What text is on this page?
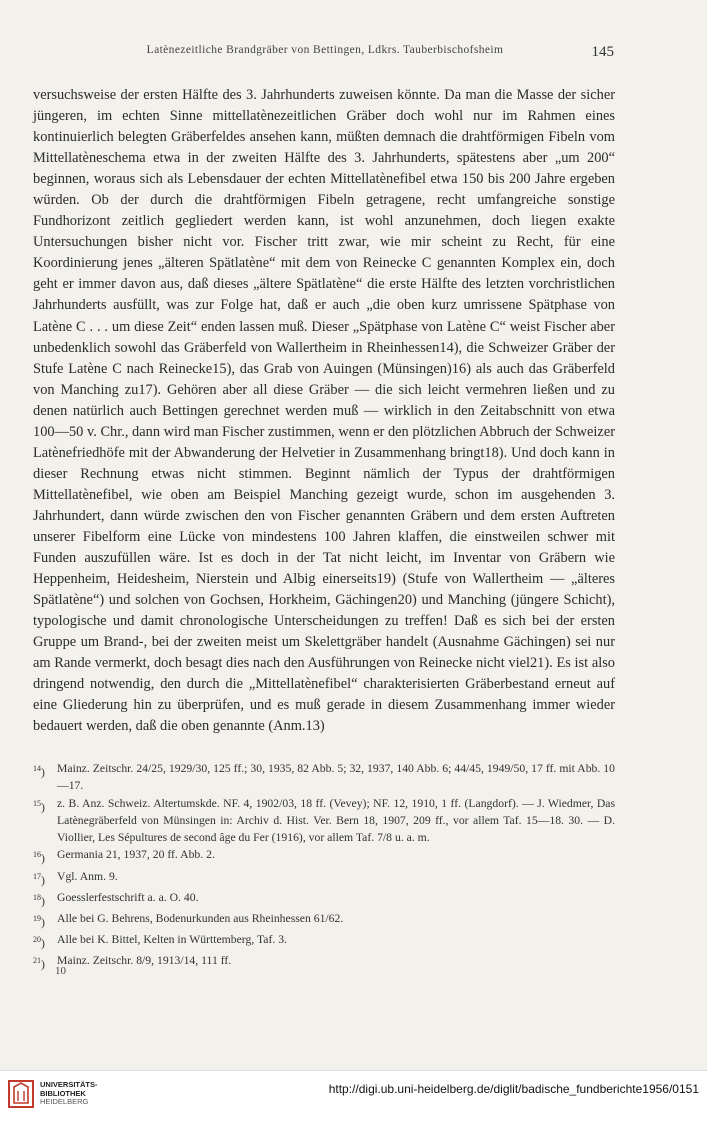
Latènezeitliche Brandgräber von Bettingen, Ldkrs. Tauberbischofsheim	145

versuchsweise der ersten Hälfte des 3. Jahrhunderts zuweisen könnte. Da man die Masse der sicher jüngeren, im echten Sinne mittellatènezeitlichen Gräber doch wohl nur im Rahmen eines kontinuierlich belegten Gräberfeldes ansehen kann, müßten demnach die drahtförmigen Fibeln vom Mittellatèneschema etwa in der zweiten Hälfte des 3. Jahrhunderts, spätestens aber „um 200“ beginnen, woraus sich als Lebensdauer der echten Mittellatènefibel etwa 150 bis 200 Jahre ergeben würden. Ob der durch die drahtförmigen Fibeln getragene, recht umfangreiche sonstige Fundhorizont zeitlich gegliedert werden kann, ist wohl anzunehmen, doch liegen exakte Untersuchungen bisher nicht vor. Fischer tritt zwar, wie mir scheint zu Recht, für eine Koordinierung jenes „älteren Spätlatène“ mit dem von Reinecke C genannten Komplex ein, doch geht er immer davon aus, daß dieses „ältere Spätlatène“ die erste Hälfte des letzten vorchristlichen Jahrhunderts ausfüllt, was zur Folge hat, daß er auch „die oben kurz umrissene Spätphase von Latène C . . . um diese Zeit“ enden lassen muß. Dieser „Spätphase von Latène C“ weist Fischer aber unbedenklich sowohl das Gräberfeld von Wallertheim in Rheinhessen14), die Schweizer Gräber der Stufe Latène C nach Reinecke15), das Grab von Auingen (Münsingen)16) als auch das Gräberfeld von Manching zu17). Gehören aber all diese Gräber — die sich leicht vermehren ließen und zu denen natürlich auch Bettingen gerechnet werden muß — wirklich in den Zeitabschnitt von etwa 100—50 v. Chr., dann wird man Fischer zustimmen, wenn er den plötzlichen Abbruch der Schweizer Latènefriedhöfe mit der Abwanderung der Helvetier in Zusammenhang bringt18). Und doch kann in dieser Rechnung etwas nicht stimmen. Beginnt nämlich der Typus der drahtförmigen Mittellatènefibel, wie oben am Beispiel Manching gezeigt wurde, schon im ausgehenden 3. Jahrhundert, dann würde zwischen den von Fischer genannten Gräbern und dem ersten Auftreten unserer Fibelform eine Lücke von mindestens 100 Jahren klaffen, die einstweilen schwer mit Funden auszufüllen wäre. Ist es doch in der Tat nicht leicht, im Inventar von Gräbern wie Heppenheim, Heidesheim, Nierstein und Albig einerseits19) (Stufe von Wallertheim — „älteres Spätlatène“) und solchen von Gochsen, Horkheim, Gächingen20) und Manching (jüngere Schicht), typologische und damit chronologische Unterscheidungen zu treffen! Daß es sich bei der ersten Gruppe um Brand-, bei der zweiten meist um Skelettgräber handelt (Ausnahme Gächingen) sei nur am Rande vermerkt, doch besagt dies nach den Ausführungen von Reinecke nicht viel21). Es ist also dringend notwendig, den durch die „Mittellatènefibel“ charakterisierten Gräberbestand erneut auf eine Gliederung hin zu überprüfen, und es muß gerade in diesem Zusammenhang immer wieder bedauert werden, daß die oben genannte (Anm.13)

$^{14}$)	Mainz. Zeitschr. 24/25, 1929/30, 125 ff.; 30, 1935, 82 Abb. 5; 32, 1937, 140 Abb. 6; 44/45, 1949/50, 17 ff. mit Abb. 10—17.
$^{15}$)	z. B. Anz. Schweiz. Altertumskde. NF. 4, 1902/03, 18 ff. (Vevey); NF. 12, 1910, 1 ff. (Langdorf). — J. Wiedmer, Das Latènegräberfeld von Münsingen in: Archiv d. Hist. Ver. Bern 18, 1907, 209 ff., vor allem Taf. 15—18. 30. — D. Viollier, Les Sépultures de second âge du Fer (1916), vor allem Taf. 7/8 u. a. m.
$^{16}$)	Germania 21, 1937, 20 ff. Abb. 2.
$^{17}$)	Vgl. Anm. 9.
$^{18}$)	Goesslerfestschrift a. a. O. 40.
$^{19}$)	Alle bei G. Behrens, Bodenurkunden aus Rheinhessen 61/62.
$^{20}$)	Alle bei K. Bittel, Kelten in Württemberg, Taf. 3.
$^{21}$)	Mainz. Zeitschr. 8/9, 1913/14, 111 ff.
10
UNIVERSITÄTS-
BIBLIOTHEK
HEIDELBERG
http://digi.ub.uni-heidelberg.de/diglit/badische_fundberichte1956/0151
